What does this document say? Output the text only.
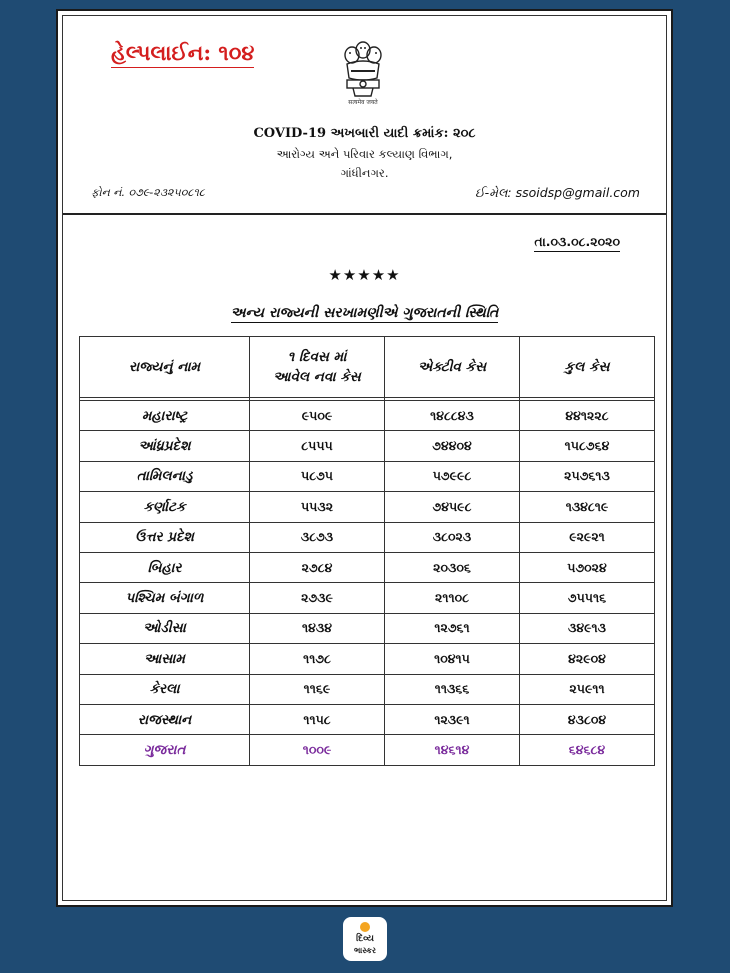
હેલ્પલાઈન: ૧૦૪
सत्यमेव जयते
COVID-19 અખબારી યાદી ક્રમાંક: ૨૦૮
આરોગ્ય અને પરિવાર કલ્યાણ વિભાગ,
ગાંધીનગર.
ફોન નં. ૦૭૯-૨૩૨૫૦૮૧૮	ઈ-મેલ: ssoidsp@gmail.com
તા.૦૩.૦૮.૨૦૨૦
★★★★★
અન્ય રાજ્યની સરખામણીએ ગુજરાતની સ્થિતિ
રાજ્યનું નામ	૧ દિવસ માં
આવેલ નવા કેસ	એક્ટીવ કેસ	કુલ કેસ

મહારાષ્ટ્ર	૯૫૦૯	૧૪૮૮૪૩	૪૪૧૨૨૮
આંધ્રપ્રદેશ	૮૫૫૫	૭૪૪૦૪	૧૫૮૭૬૪
તામિલનાડુ	૫૮૭૫	૫૭૯૯૮	૨૫૭૬૧૩
કર્ણાટક	૫૫૩૨	૭૪૫૯૮	૧૩૪૮૧૯
ઉત્તર પ્રદેશ	૩૮૭૩	૩૮૦૨૩	૯૨૯૨૧
બિહાર	૨૭૮૪	૨૦૩૦૬	૫૭૦૨૪
પશ્ચિમ બંગાળ	૨૭૩૯	૨૧૧૦૮	૭૫૫૧૬
ઓડીસા	૧૪૩૪	૧૨૭૬૧	૩૪૯૧૩
આસામ	૧૧૭૮	૧૦૪૧૫	૪૨૯૦૪
કેરલા	૧૧૬૯	૧૧૩૬૬	૨૫૯૧૧
રાજસ્થાન	૧૧૫૮	૧૨૩૯૧	૪૩૮૦૪
ગુજરાત	૧૦૦૯	૧૪૬૧૪	૬૪૬૮૪
દિવ્ય
ભાસ્કર
